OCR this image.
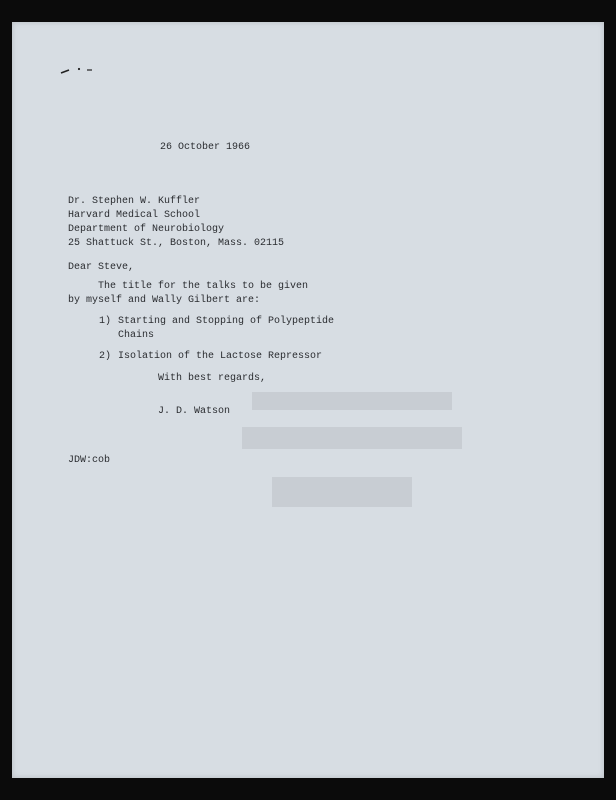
26 October 1966

Dr. Stephen W. Kuffler

Harvard Medical School

Department of Neurobiology

25 Shattuck St., Boston, Mass. 02115

Dear Steve,

The title for the talks to be given

by myself and Wally Gilbert are:

1) Starting and Stopping of Polypeptide

Chains

2) Isolation of the Lactose Repressor

With best regards,

J. D. Watson

JDW:cob
